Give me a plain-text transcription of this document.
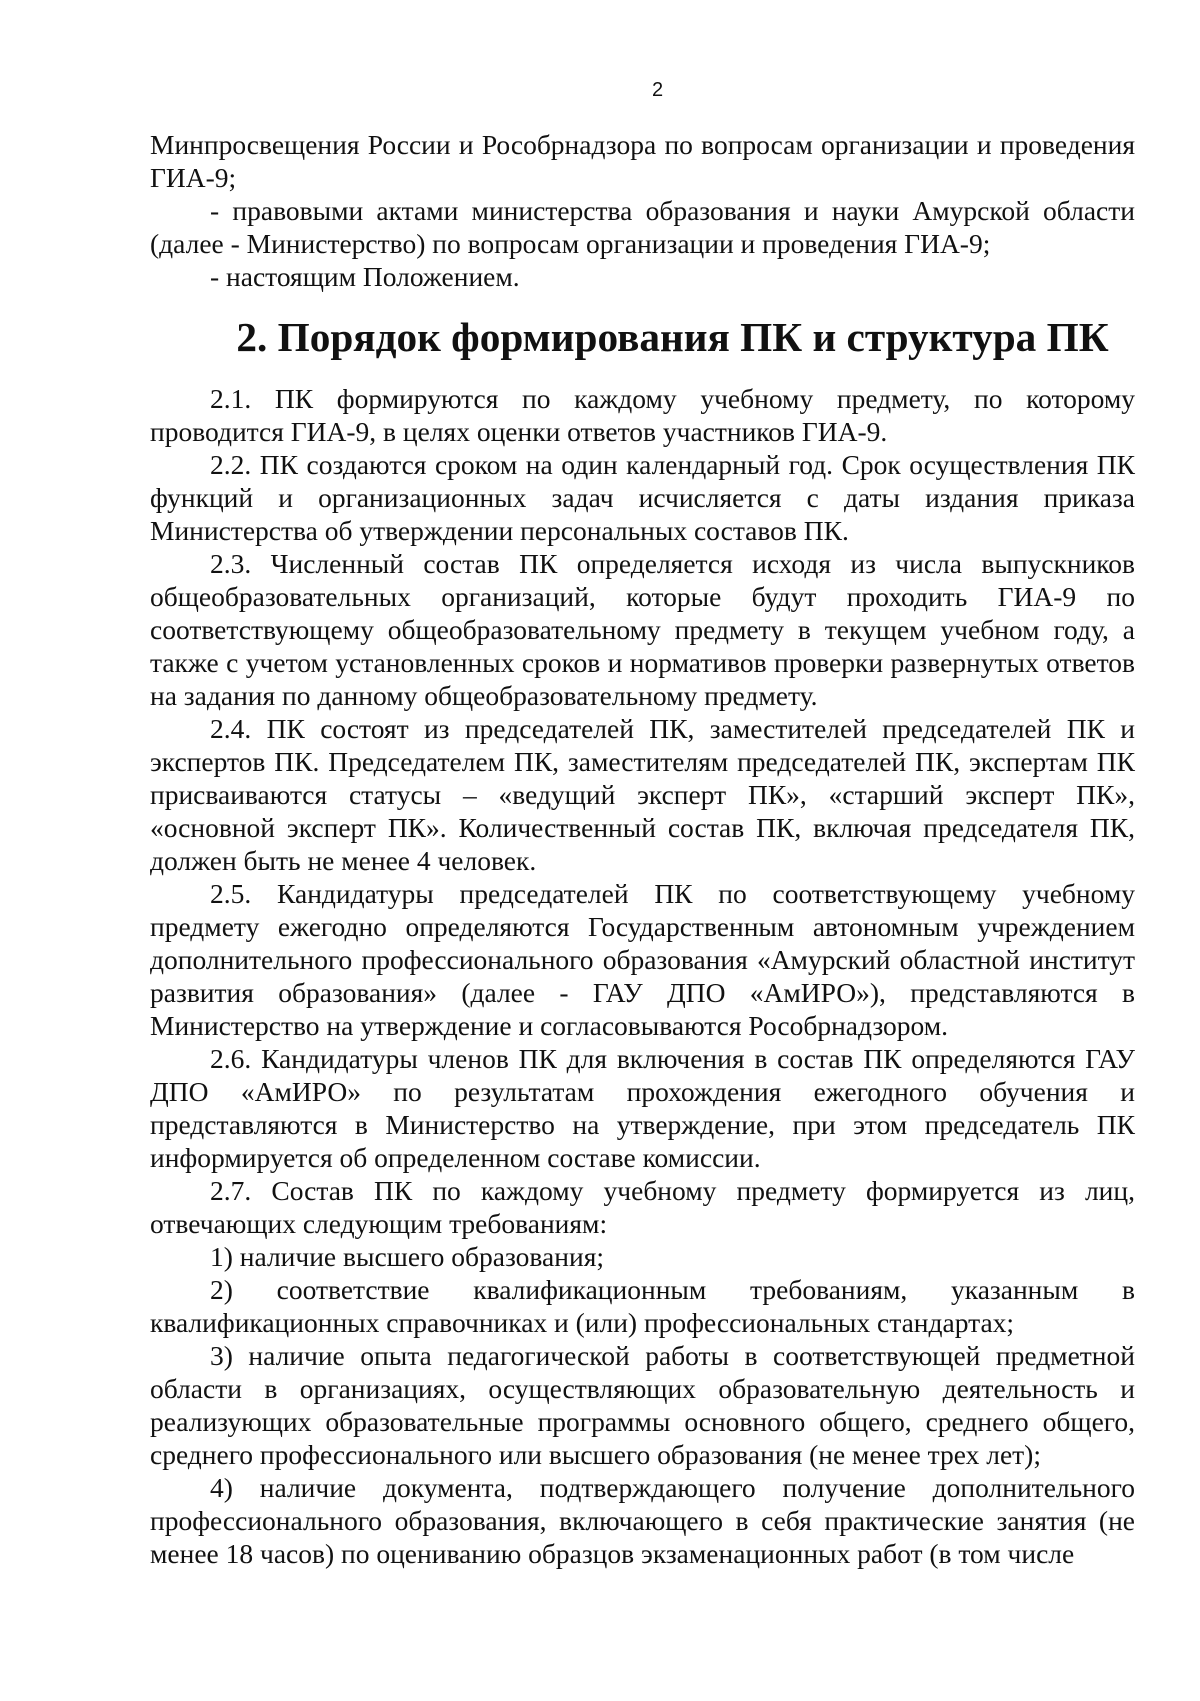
2

Минпросвещения России и Рособрнадзора по вопросам организации и проведения ГИА-9;

- правовыми актами министерства образования и науки Амурской области (далее - Министерство) по вопросам организации и проведения ГИА-9;

- настоящим Положением.

2. Порядок формирования ПК и структура ПК

2.1. ПК формируются по каждому учебному предмету, по которому проводится ГИА-9, в целях оценки ответов участников ГИА-9.

2.2. ПК создаются сроком на один календарный год. Срок осуществления ПК функций и организационных задач исчисляется с даты издания приказа Министерства об утверждении персональных составов ПК.

2.3. Численный состав ПК определяется исходя из числа выпускников общеобразовательных организаций, которые будут проходить ГИА-9 по соответствующему общеобразовательному предмету в текущем учебном году, а также с учетом установленных сроков и нормативов проверки развернутых ответов на задания по данному общеобразовательному предмету.

2.4. ПК состоят из председателей ПК, заместителей председателей ПК и экспертов ПК. Председателем ПК, заместителям председателей ПК, экспертам ПК присваиваются статусы – «ведущий эксперт ПК», «старший эксперт ПК», «основной эксперт ПК». Количественный состав ПК, включая председателя ПК, должен быть не менее 4 человек.

2.5. Кандидатуры председателей ПК по соответствующему учебному предмету ежегодно определяются Государственным автономным учреждением дополнительного профессионального образования «Амурский областной институт развития образования» (далее - ГАУ ДПО «АмИРО»), представляются в Министерство на утверждение и согласовываются Рособрнадзором.

2.6. Кандидатуры членов ПК для включения в состав ПК определяются ГАУ ДПО «АмИРО» по результатам прохождения ежегодного обучения и представляются в Министерство на утверждение, при этом председатель ПК информируется об определенном составе комиссии.

2.7. Состав ПК по каждому учебному предмету формируется из лиц, отвечающих следующим требованиям:

1) наличие высшего образования;

2) соответствие квалификационным требованиям, указанным в квалификационных справочниках и (или) профессиональных стандартах;

3) наличие опыта педагогической работы в соответствующей предметной области в организациях, осуществляющих образовательную деятельность и реализующих образовательные программы основного общего, среднего общего, среднего профессионального или высшего образования (не менее трех лет);

4) наличие документа, подтверждающего получение дополнительного профессионального образования, включающего в себя практические занятия (не менее 18 часов) по оцениванию образцов экзаменационных работ (в том числе
